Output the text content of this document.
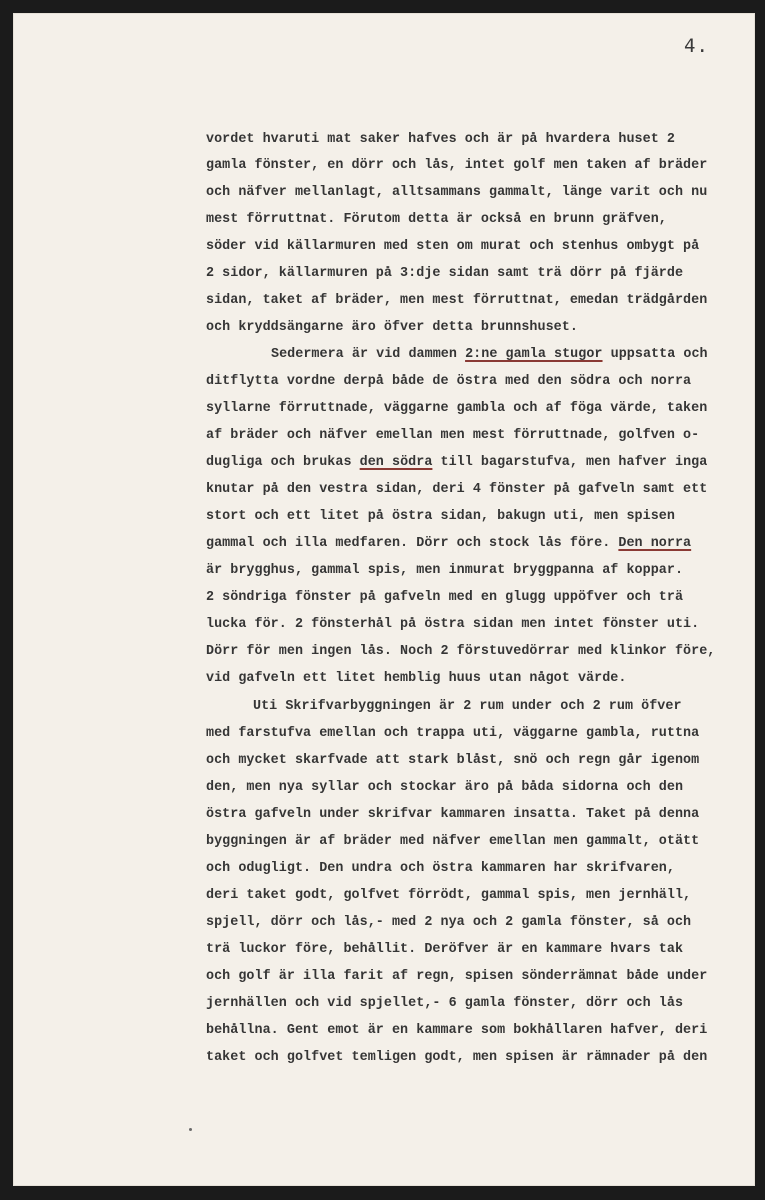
4.
vordet hvaruti mat saker hafves och är på hvardera huset 2
gamla fönster, en dörr och lås, intet golf men taken af bräder
och näfver mellanlagt, alltsammans gammalt, länge varit och nu
mest förruttnat. Förutom detta är också en brunn gräfven,
söder vid källarmuren med sten om murat och stenhus ombygt på
2 sidor, källarmuren på 3:dje sidan samt trä dörr på fjärde
sidan, taket af bräder, men mest förruttnat, emedan trädgården
och kryddsängarne äro öfver detta brunnshuset.
Sedermera är vid dammen 2:ne gamla stugor uppsatta och
ditflytta vordne derpå både de östra med den södra och norra
syllarne förruttnade, väggarne gambla och af föga värde, taken
af bräder och näfver emellan men mest förruttnade, golfven o-
dugliga och brukas den södra till bagarstufva, men hafver inga
knutar på den vestra sidan, deri 4 fönster på gafveln samt ett
stort och ett litet på östra sidan, bakugn uti, men spisen
gammal och illa medfaren. Dörr och stock lås före. Den norra
är brygghus, gammal spis, men inmurat bryggpanna af koppar.
2 söndriga fönster på gafveln med en glugg uppöfver och trä
lucka för. 2 fönsterhål på östra sidan men intet fönster uti.
Dörr för men ingen lås. Noch 2 förstuvedörrar med klinkor före,
vid gafveln ett litet hemblig huus utan något värde.
Uti Skrifvarbyggningen är 2 rum under och 2 rum öfver
med farstufva emellan och trappa uti, väggarne gambla, ruttna
och mycket skarfvade att stark blåst, snö och regn går igenom
den, men nya syllar och stockar äro på båda sidorna och den
östra gafveln under skrifvar kammaren insatta. Taket på denna
byggningen är af bräder med näfver emellan men gammalt, otätt
och odugligt. Den undra och östra kammaren har skrifvaren,
deri taket godt, golfvet förrödt, gammal spis, men jernhäll,
spjell, dörr och lås,- med 2 nya och 2 gamla fönster, så och
trä luckor före, behållit. Deröfver är en kammare hvars tak
och golf är illa farit af regn, spisen sönderrämnat både under
jernhällen och vid spjellet,- 6 gamla fönster, dörr och lås
behållna. Gent emot är en kammare som bokhållaren hafver, deri
taket och golfvet temligen godt, men spisen är rämnader på den
